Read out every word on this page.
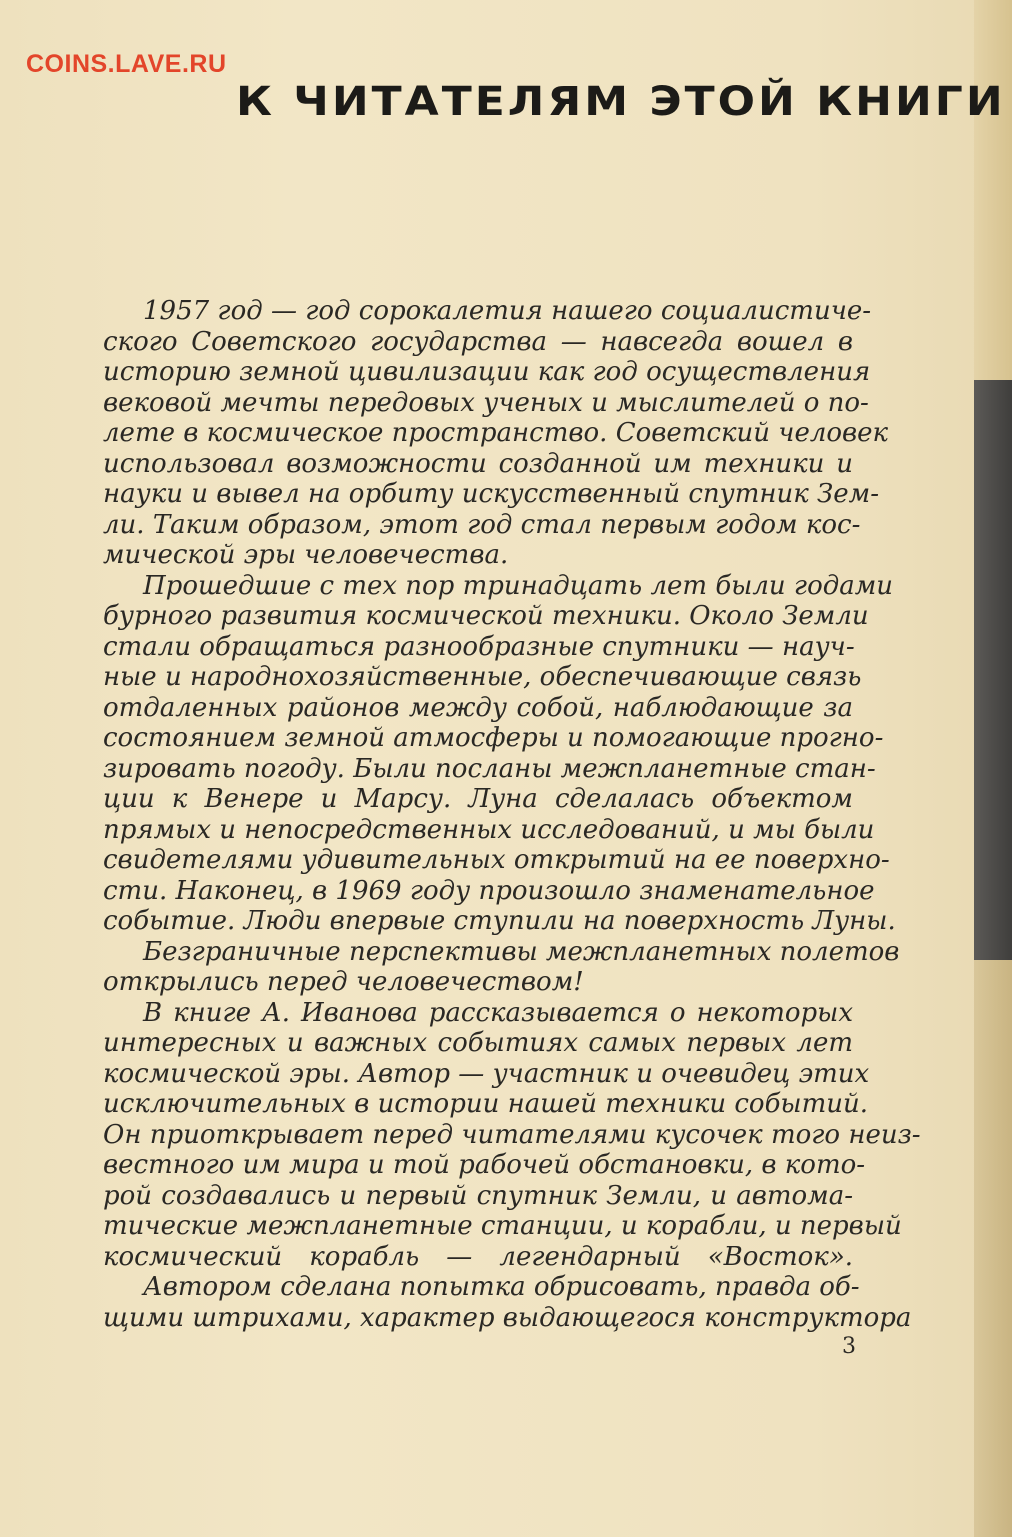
COINS.LAVE.RU
К ЧИТАТЕЛЯМ ЭТОЙ КНИГИ
1957 год — год сорокалетия нашего социалистиче-
ского Советского государства — навсегда вошел в
историю земной цивилизации как год осуществления
вековой мечты передовых ученых и мыслителей о по-
лете в космическое пространство. Советский человек
использовал возможности созданной им техники и
науки и вывел на орбиту искусственный спутник Зем-
ли. Таким образом, этот год стал первым годом кос-
мической эры человечества.
Прошедшие с тех пор тринадцать лет были годами
бурного развития космической техники. Около Земли
стали обращаться разнообразные спутники — науч-
ные и народнохозяйственные, обеспечивающие связь
отдаленных районов между собой, наблюдающие за
состоянием земной атмосферы и помогающие прогно-
зировать погоду. Были посланы межпланетные стан-
ции к Венере и Марсу. Луна сделалась объектом
прямых и непосредственных исследований, и мы были
свидетелями удивительных открытий на ее поверхно-
сти. Наконец, в 1969 году произошло знаменательное
событие. Люди впервые ступили на поверхность Луны.
Безграничные перспективы межпланетных полетов
открылись перед человечеством!
В книге А. Иванова рассказывается о некоторых
интересных и важных событиях самых первых лет
космической эры. Автор — участник и очевидец этих
исключительных в истории нашей техники событий.
Он приоткрывает перед читателями кусочек того неиз-
вестного им мира и той рабочей обстановки, в кото-
рой создавались и первый спутник Земли, и автома-
тические межпланетные станции, и корабли, и первый
космический корабль — легендарный «Восток».
Автором сделана попытка обрисовать, правда об-
щими штрихами, характер выдающегося конструктора
3
